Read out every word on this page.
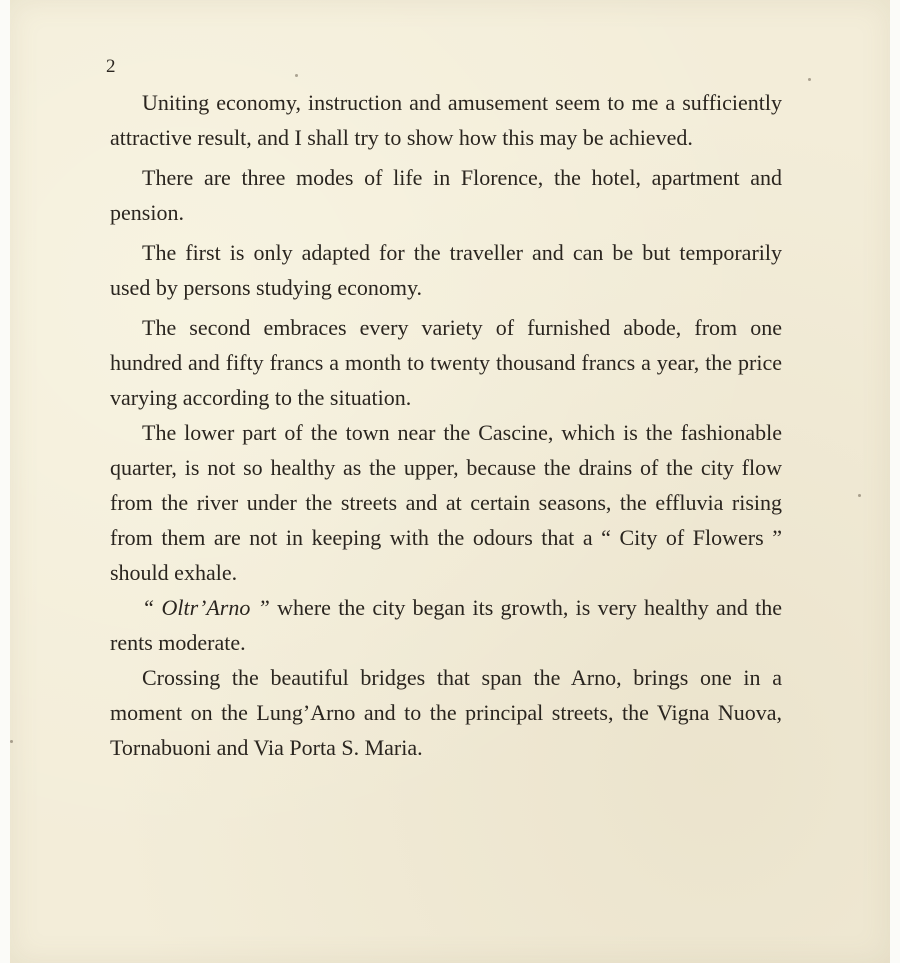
2

Uniting economy, instruction and amusement seem to me a sufficiently attractive result, and I shall try to show how this may be achieved.

There are three modes of life in Florence, the hotel, apartment and pension.

The first is only adapted for the traveller and can be but temporarily used by persons studying economy.

The second embraces every variety of furnished abode, from one hundred and fifty francs a month to twenty thousand francs a year, the price varying according to the situation.

The lower part of the town near the Cascine, which is the fashionable quarter, is not so healthy as the upper, because the drains of the city flow from the river under the streets and at certain seasons, the effluvia rising from them are not in keeping with the odours that a “ City of Flowers ” should exhale.

“ Oltr’Arno ” where the city began its growth, is very healthy and the rents moderate.

Crossing the beautiful bridges that span the Arno, brings one in a moment on the Lung’Arno and to the principal streets, the Vigna Nuova, Tornabuoni and Via Porta S. Maria.
